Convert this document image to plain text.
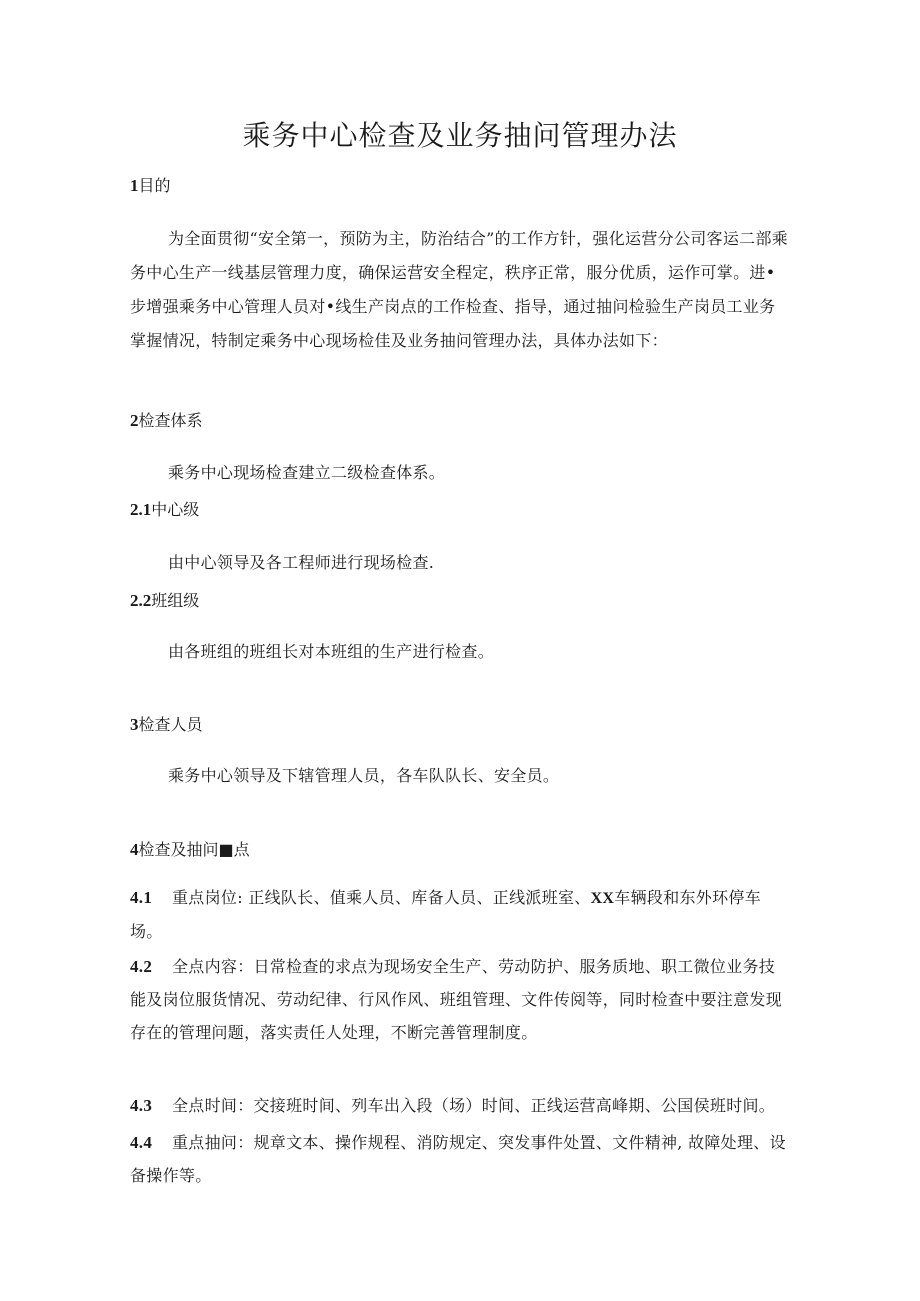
乘务中心检查及业务抽问管理办法

1目的

为全面贯彻“安全第一，预防为主，防治结合”的工作方针，强化运营分公司客运二部乘务中心生产一线基层管理力度，确保运营安全程定，秩序正常，服分优质，运作可掌。进•步增强乘务中心管理人员对•线生产岗点的工作检查、指导，通过抽问检验生产岗员工业务掌握情况，特制定乘务中心现场检佳及业务抽问管理办法，具体办法如下：

2检查体系

乘务中心现场检查建立二级检查体系。

2.1中心级

由中心领导及各工程师进行现场检查.

2.2班组级

由各班组的班组长对本班组的生产进行检查。

3检查人员

乘务中心领导及下辖管理人员，各车队队长、安全员。

4检查及抽问■点

4.1 重点岗位: 正线队长、值乘人员、库备人员、正线派班室、XX车辆段和东外环停车场。

4.2 全点内容：日常检查的求点为现场安全生产、劳动防护、服务质地、职工微位业务技能及岗位服货情况、劳动纪律、行风作风、班组管理、文件传阅等，同时检查中要注意发现存在的管理问题，落实责任人处理，不断完善管理制度。

4.3 全点时间：交接班时间、列车出入段（场）时间、正线运营高峰期、公国侯班时间。

4.4 重点抽问：规章文本、操作规程、消防规定、突发事件处置、文件精神, 故障处理、设备操作等。
